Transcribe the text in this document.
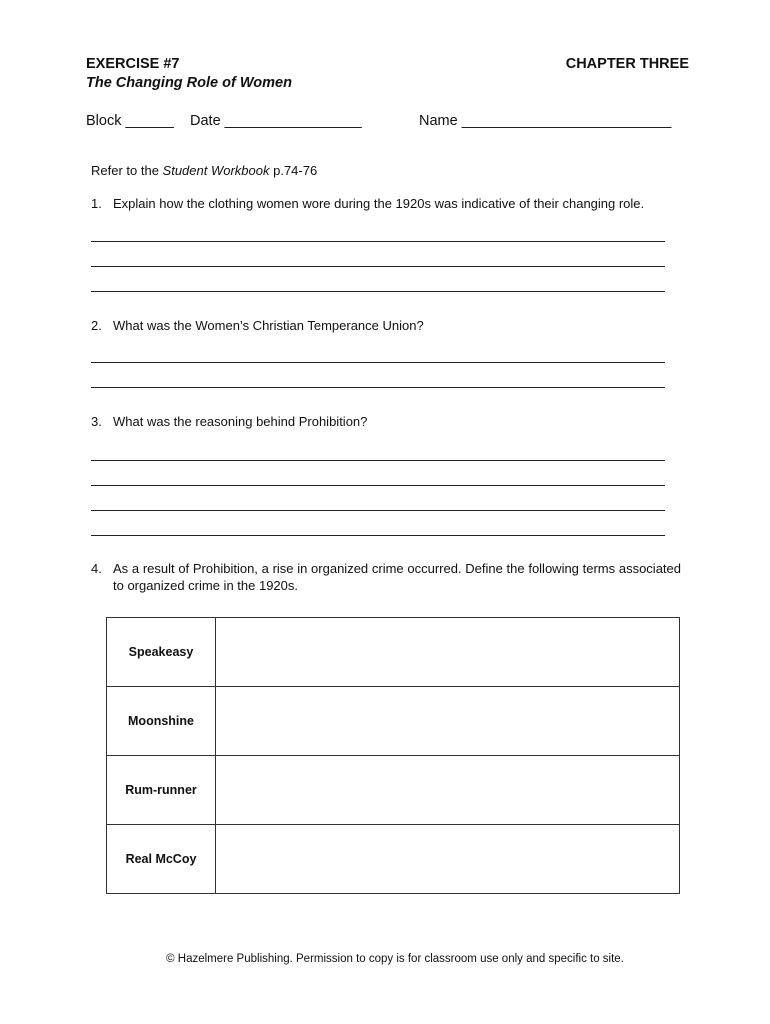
EXERCISE #7
The Changing Role of Women
CHAPTER THREE
Block ______ Date _________________	Name __________________________
Refer to the Student Workbook p.74-76
1. Explain how the clothing women wore during the 1920s was indicative of their changing role.
2. What was the Women’s Christian Temperance Union?
3. What was the reasoning behind Prohibition?
4. As a result of Prohibition, a rise in organized crime occurred. Define the following terms associated to organized crime in the 1920s.
Speakeasy	
Moonshine	
Rum-runner	
Real McCoy	
© Hazelmere Publishing. Permission to copy is for classroom use only and specific to site.
